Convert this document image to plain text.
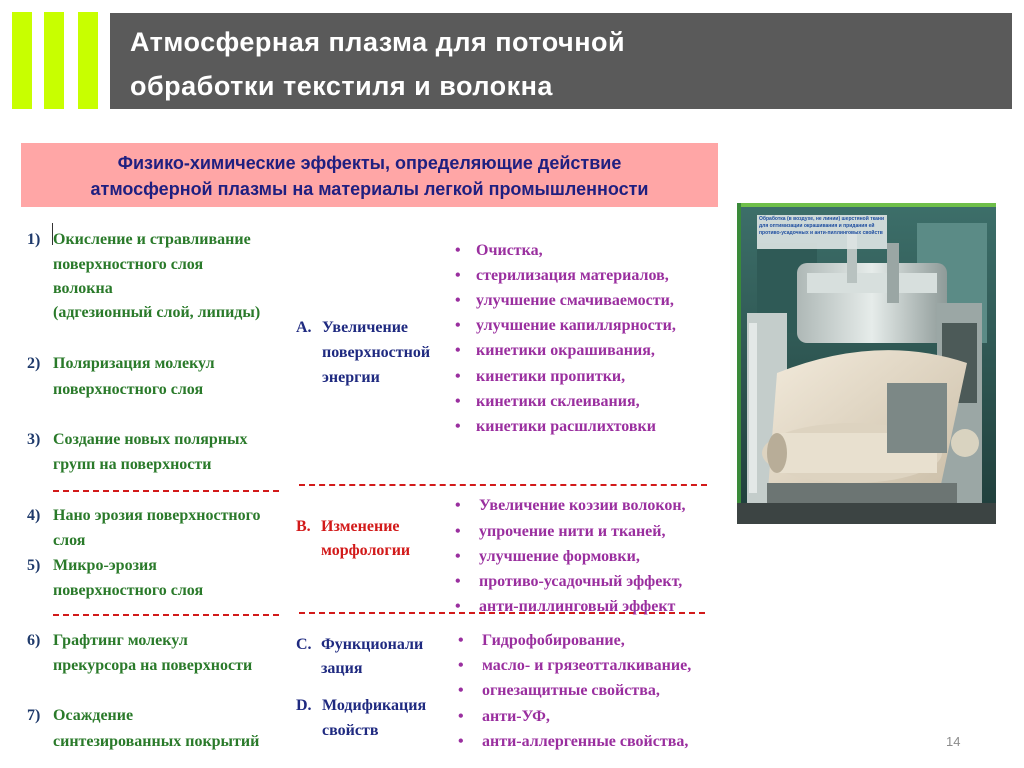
Атмосферная плазма для поточной
обработки текстиля и волокна
Физико-химические эффекты, определяющие действие
атмосферной плазмы на материалы легкой промышленности
1) Окисление и стравливание
поверхностного слоя
волокна
(адгезионный слой, липиды)
2) Поляризация молекул
поверхностного слоя
3) Создание новых полярных
групп на поверхности
4) Нано эрозия поверхностного
слоя
5) Микро-эрозия
поверхностного слоя
6) Графтинг молекул
прекурсора на поверхности
7) Осаждение
синтезированных покрытий
A. Увеличение
поверхностной
энергии
B. Изменение
морфологии
C. Функционали
зация
D. Модификация
свойств
• Очистка,
• стерилизация материалов,
• улучшение смачиваемости,
• улучшение капиллярности,
• кинетики окрашивания,
• кинетики пропитки,
• кинетики склеивания,
• кинетики расшлихтовки
• Увеличение коэзии волокон,
• упрочение нити и тканей,
• улучшение формовки,
• противо-усадочный эффект,
• анти-пиллинговый эффект
• Гидрофобирование,
• масло- и грязеотталкивание,
• огнезащитные свойства,
• анти-УФ,
• анти-аллергенные свойства,
Обработка (в воздухе, не линии) шерстяной ткани
для оптимизации окрашивания и придания ей
противо-усадочных и анти-пиллинговых свойств
14
